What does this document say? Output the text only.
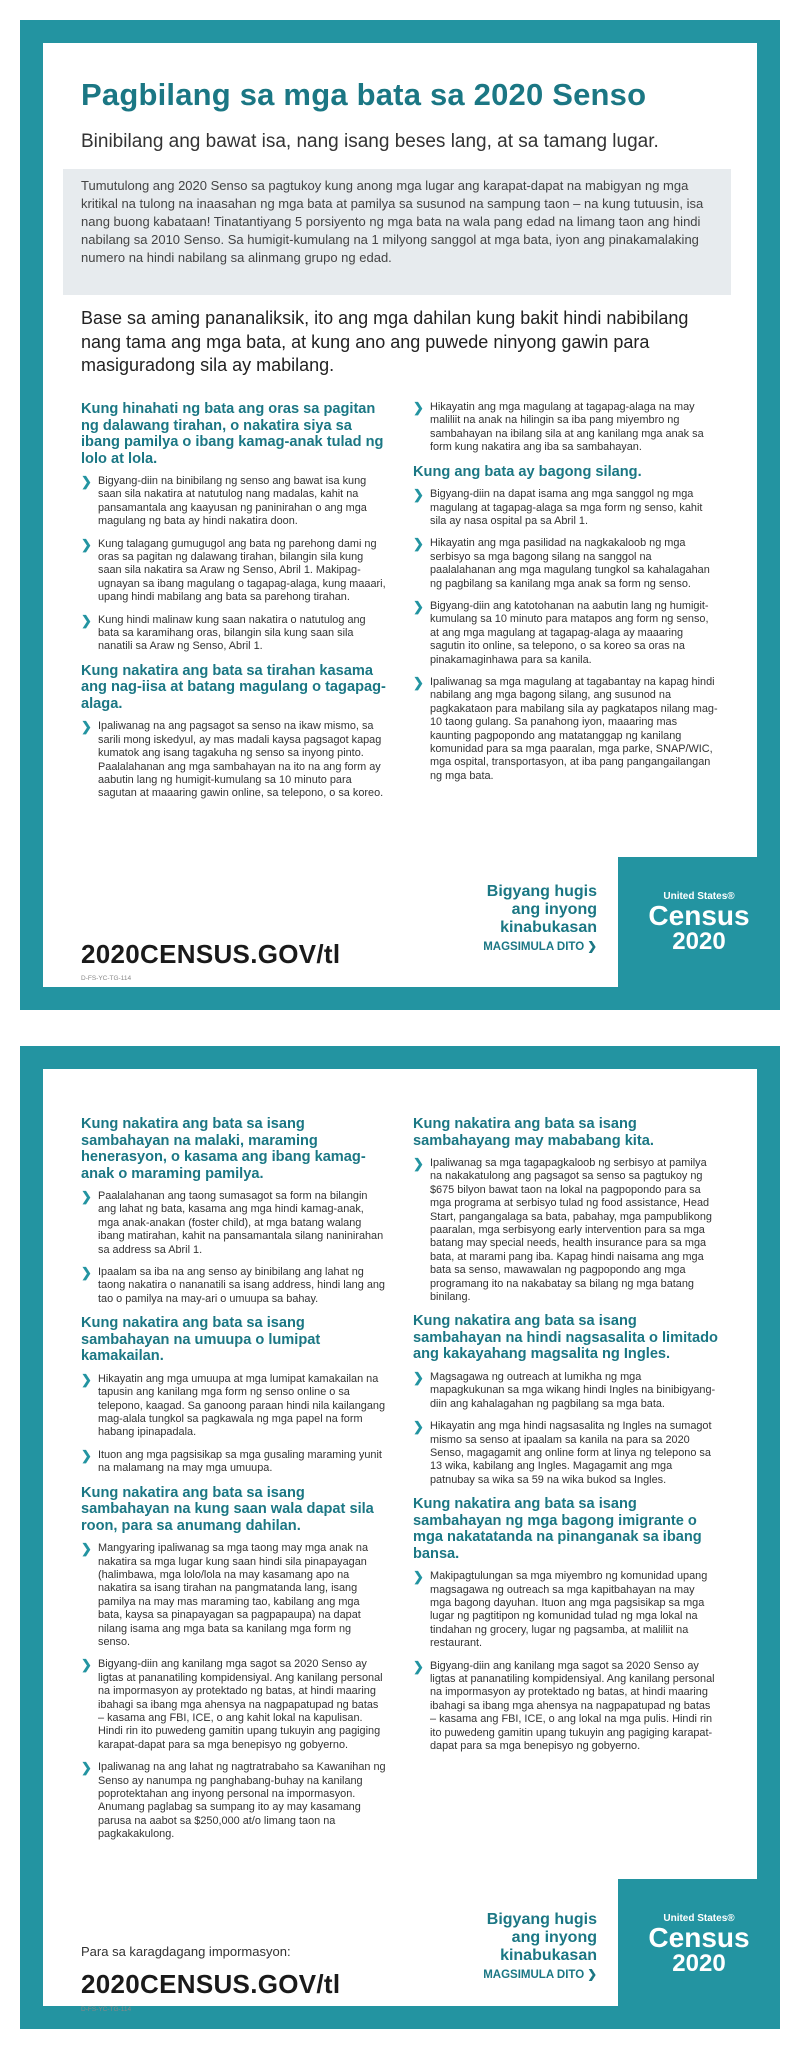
Pagbilang sa mga bata sa 2020 Senso

Binibilang ang bawat isa, nang isang beses lang, at sa tamang lugar.

Tumutulong ang 2020 Senso sa pagtukoy kung anong mga lugar ang karapat-dapat na mabigyan ng mga kritikal na tulong na inaasahan ng mga bata at pamilya sa susunod na sampung taon – na kung tutuusin, isa nang buong kabataan! Tinatantiyang 5 porsiyento ng mga bata na wala pang edad na limang taon ang hindi nabilang sa 2010 Senso. Sa humigit-kumulang na 1 milyong sanggol at mga bata, iyon ang pinakamalaking numero na hindi nabilang sa alinmang grupo ng edad.
Base sa aming pananaliksik, ito ang mga dahilan kung bakit hindi nabibilang nang tama ang mga bata, at kung ano ang puwede ninyong gawin para masiguradong sila ay mabilang.
Kung hinahati ng bata ang oras sa pagitan ng dalawang tirahan, o nakatira siya sa ibang pamilya o ibang kamag-anak tulad ng lolo at lola.
❯ Bigyang-diin na binibilang ng senso ang bawat isa kung saan sila nakatira at natutulog nang madalas, kahit na pansamantala ang kaayusan ng paninirahan o ang mga magulang ng bata ay hindi nakatira doon.
❯ Kung talagang gumugugol ang bata ng parehong dami ng oras sa pagitan ng dalawang tirahan, bilangin sila kung saan sila nakatira sa Araw ng Senso, Abril 1. Makipag-ugnayan sa ibang magulang o tagapag-alaga, kung maaari, upang hindi mabilang ang bata sa parehong tirahan.
❯ Kung hindi malinaw kung saan nakatira o natutulog ang bata sa karamihang oras, bilangin sila kung saan sila nanatili sa Araw ng Senso, Abril 1.
Kung nakatira ang bata sa tirahan kasama ang nag-iisa at batang magulang o tagapag-alaga.
❯ Ipaliwanag na ang pagsagot sa senso na ikaw mismo, sa sarili mong iskedyul, ay mas madali kaysa pagsagot kapag kumatok ang isang tagakuha ng senso sa inyong pinto. Paalalahanan ang mga sambahayan na ito na ang form ay aabutin lang ng humigit-kumulang sa 10 minuto para sagutan at maaaring gawin online, sa telepono, o sa koreo.
❯ Hikayatin ang mga magulang at tagapag-alaga na may maliliit na anak na hilingin sa iba pang miyembro ng sambahayan na ibilang sila at ang kanilang mga anak sa form kung nakatira ang iba sa sambahayan.
Kung ang bata ay bagong silang.
❯ Bigyang-diin na dapat isama ang mga sanggol ng mga magulang at tagapag-alaga sa mga form ng senso, kahit sila ay nasa ospital pa sa Abril 1.
❯ Hikayatin ang mga pasilidad na nagkakaloob ng mga serbisyo sa mga bagong silang na sanggol na paalalahanan ang mga magulang tungkol sa kahalagahan ng pagbilang sa kanilang mga anak sa form ng senso.
❯ Bigyang-diin ang katotohanan na aabutin lang ng humigit-kumulang sa 10 minuto para matapos ang form ng senso, at ang mga magulang at tagapag-alaga ay maaaring sagutin ito online, sa telepono, o sa koreo sa oras na pinakamaginhawa para sa kanila.
❯ Ipaliwanag sa mga magulang at tagabantay na kapag hindi nabilang ang mga bagong silang, ang susunod na pagkakataon para mabilang sila ay pagkatapos nilang mag-10 taong gulang. Sa panahong iyon, maaaring mas kaunting pagpopondo ang matatanggap ng kanilang komunidad para sa mga paaralan, mga parke, SNAP/WIC, mga ospital, transportasyon, at iba pang pangangailangan ng mga bata.
2020CENSUS.GOV/tl
D-FS-YC-TG-114
Bigyang hugis
ang inyong
kinabukasan
MAGSIMULA DITO ❯
United States®
Census
2020
Kung nakatira ang bata sa isang sambahayan na malaki, maraming henerasyon, o kasama ang ibang kamag-anak o maraming pamilya.
❯ Paalalahanan ang taong sumasagot sa form na bilangin ang lahat ng bata, kasama ang mga hindi kamag-anak, mga anak-anakan (foster child), at mga batang walang ibang matirahan, kahit na pansamantala silang naninirahan sa address sa Abril 1.
❯ Ipaalam sa iba na ang senso ay binibilang ang lahat ng taong nakatira o nananatili sa isang address, hindi lang ang tao o pamilya na may-ari o umuupa sa bahay.
Kung nakatira ang bata sa isang sambahayan na umuupa o lumipat kamakailan.
❯ Hikayatin ang mga umuupa at mga lumipat kamakailan na tapusin ang kanilang mga form ng senso online o sa telepono, kaagad. Sa ganoong paraan hindi nila kailangang mag-alala tungkol sa pagkawala ng mga papel na form habang ipinapadala.
❯ Ituon ang mga pagsisikap sa mga gusaling maraming yunit na malamang na may mga umuupa.
Kung nakatira ang bata sa isang sambahayan na kung saan wala dapat sila roon, para sa anumang dahilan.
❯ Mangyaring ipaliwanag sa mga taong may mga anak na nakatira sa mga lugar kung saan hindi sila pinapayagan (halimbawa, mga lolo/lola na may kasamang apo na nakatira sa isang tirahan na pangmatanda lang, isang pamilya na may mas maraming tao, kabilang ang mga bata, kaysa sa pinapayagan sa pagpapaupa) na dapat nilang isama ang mga bata sa kanilang mga form ng senso.
❯ Bigyang-diin ang kanilang mga sagot sa 2020 Senso ay ligtas at pananatiling kompidensiyal. Ang kanilang personal na impormasyon ay protektado ng batas, at hindi maaring ibahagi sa ibang mga ahensya na nagpapatupad ng batas – kasama ang FBI, ICE, o ang kahit lokal na kapulisan. Hindi rin ito puwedeng gamitin upang tukuyin ang pagiging karapat-dapat para sa mga benepisyo ng gobyerno.
❯ Ipaliwanag na ang lahat ng nagtratrabaho sa Kawanihan ng Senso ay nanumpa ng panghabang-buhay na kanilang poprotektahan ang inyong personal na impormasyon. Anumang paglabag sa sumpang ito ay may kasamang parusa na aabot sa $250,000 at/o limang taon na pagkakakulong.
Kung nakatira ang bata sa isang sambahayang may mababang kita.
❯ Ipaliwanag sa mga tagapagkaloob ng serbisyo at pamilya na nakakatulong ang pagsagot sa senso sa pagtukoy ng $675 bilyon bawat taon na lokal na pagpopondo para sa mga programa at serbisyo tulad ng food assistance, Head Start, pangangalaga sa bata, pabahay, mga pampublikong paaralan, mga serbisyong early intervention para sa mga batang may special needs, health insurance para sa mga bata, at marami pang iba. Kapag hindi naisama ang mga bata sa senso, mawawalan ng pagpopondo ang mga programang ito na nakabatay sa bilang ng mga batang binilang.
Kung nakatira ang bata sa isang sambahayan na hindi nagsasalita o limitado ang kakayahang magsalita ng Ingles.
❯ Magsagawa ng outreach at lumikha ng mga mapagkukunan sa mga wikang hindi Ingles na binibigyang-diin ang kahalagahan ng pagbilang sa mga bata.
❯ Hikayatin ang mga hindi nagsasalita ng Ingles na sumagot mismo sa senso at ipaalam sa kanila na para sa 2020 Senso, magagamit ang online form at linya ng telepono sa 13 wika, kabilang ang Ingles. Magagamit ang mga patnubay sa wika sa 59 na wika bukod sa Ingles.
Kung nakatira ang bata sa isang sambahayan ng mga bagong imigrante o mga nakatatanda na pinanganak sa ibang bansa.
❯ Makipagtulungan sa mga miyembro ng komunidad upang magsagawa ng outreach sa mga kapitbahayan na may mga bagong dayuhan. Ituon ang mga pagsisikap sa mga lugar ng pagtitipon ng komunidad tulad ng mga lokal na tindahan ng grocery, lugar ng pagsamba, at maliliit na restaurant.
❯ Bigyang-diin ang kanilang mga sagot sa 2020 Senso ay ligtas at pananatiling kompidensiyal. Ang kanilang personal na impormasyon ay protektado ng batas, at hindi maaring ibahagi sa ibang mga ahensya na nagpapatupad ng batas – kasama ang FBI, ICE, o ang lokal na mga pulis. Hindi rin ito puwedeng gamitin upang tukuyin ang pagiging karapat-dapat para sa mga benepisyo ng gobyerno.
Para sa karagdagang impormasyon:
2020CENSUS.GOV/tl
D-FS-YC-TG-114
Bigyang hugis
ang inyong
kinabukasan
MAGSIMULA DITO ❯
United States®
Census
2020
